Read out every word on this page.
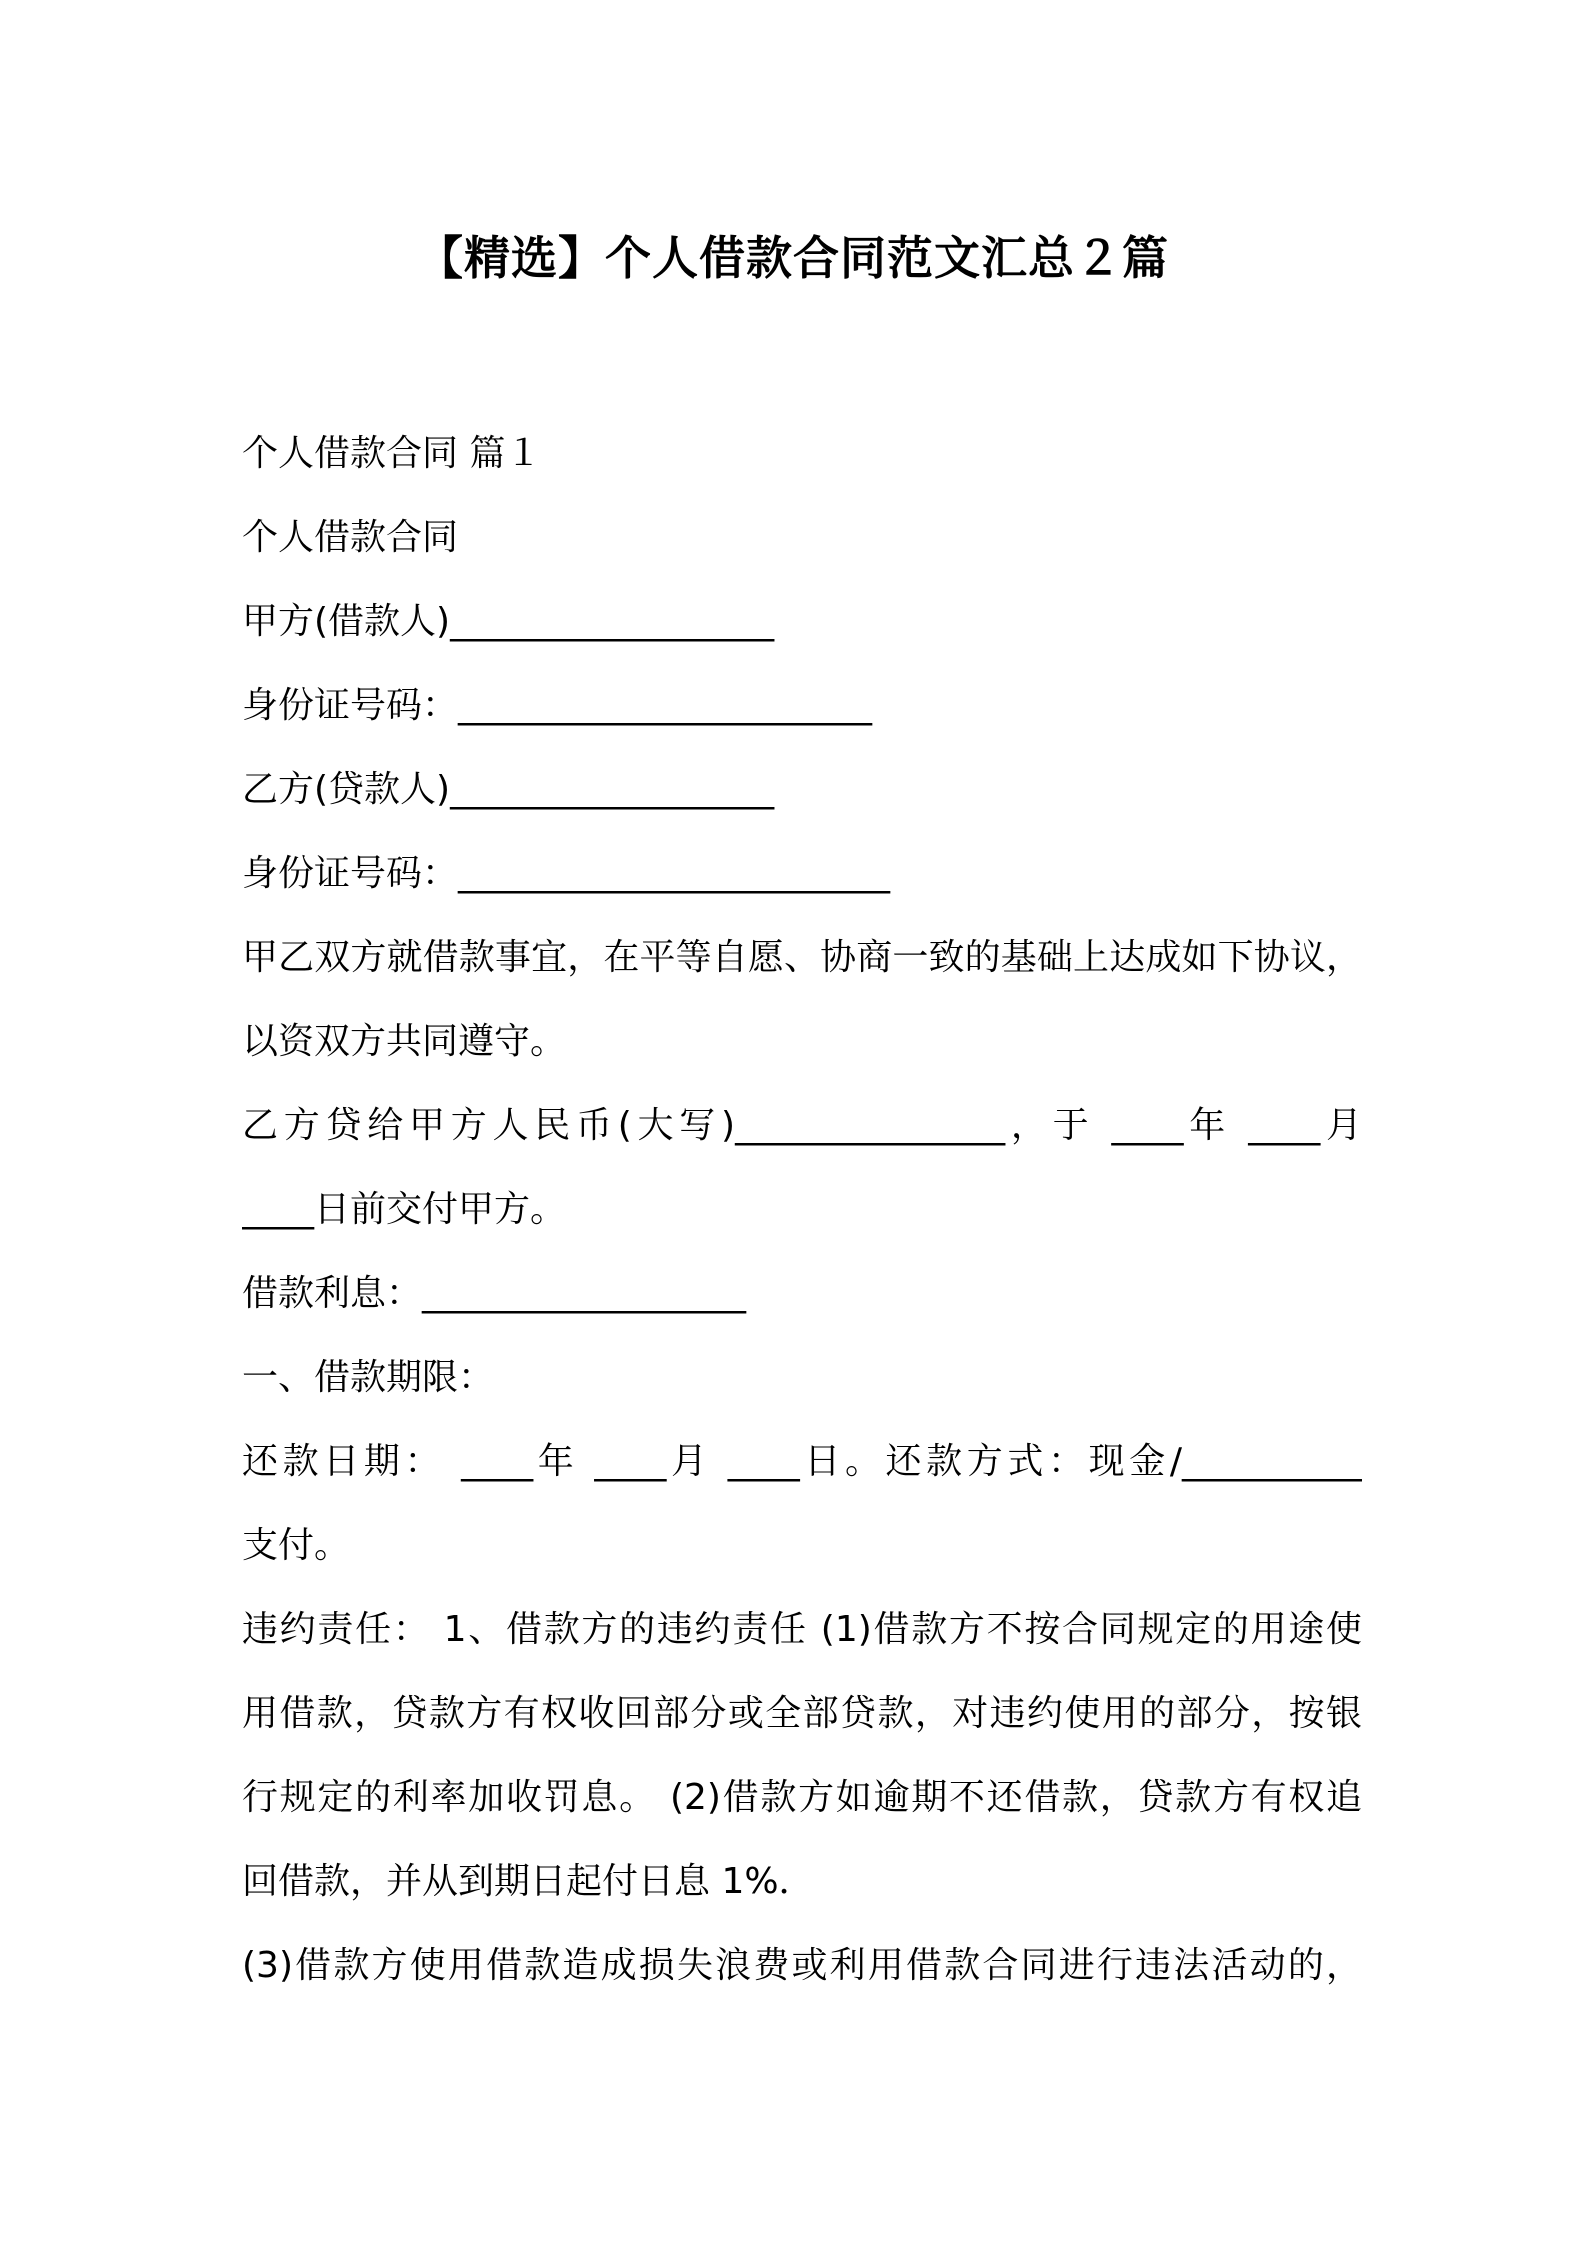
【精选】个人借款合同范文汇总２篇
个人借款合同 篇１
个人借款合同
甲方(借款人)__________________
身份证号码：_______________________
乙方(贷款人)__________________
身份证号码：________________________
甲乙双方就借款事宜，在平等自愿、协商一致的基础上达成如下协议，
以资双方共同遵守。
乙方贷给甲方人民币(大写)_______________，于 ____年 ____月
____日前交付甲方。
借款利息：__________________
一、借款期限：
还款日期： ____年 ____月 ____日。还款方式：现金/__________
支付。
违约责任： 1、借款方的违约责任 (1)借款方不按合同规定的用途使
用借款，贷款方有权收回部分或全部贷款，对违约使用的部分，按银
行规定的利率加收罚息。 (2)借款方如逾期不还借款，贷款方有权追
回借款，并从到期日起付日息 1%．
(3)借款方使用借款造成损失浪费或利用借款合同进行违法活动的，
